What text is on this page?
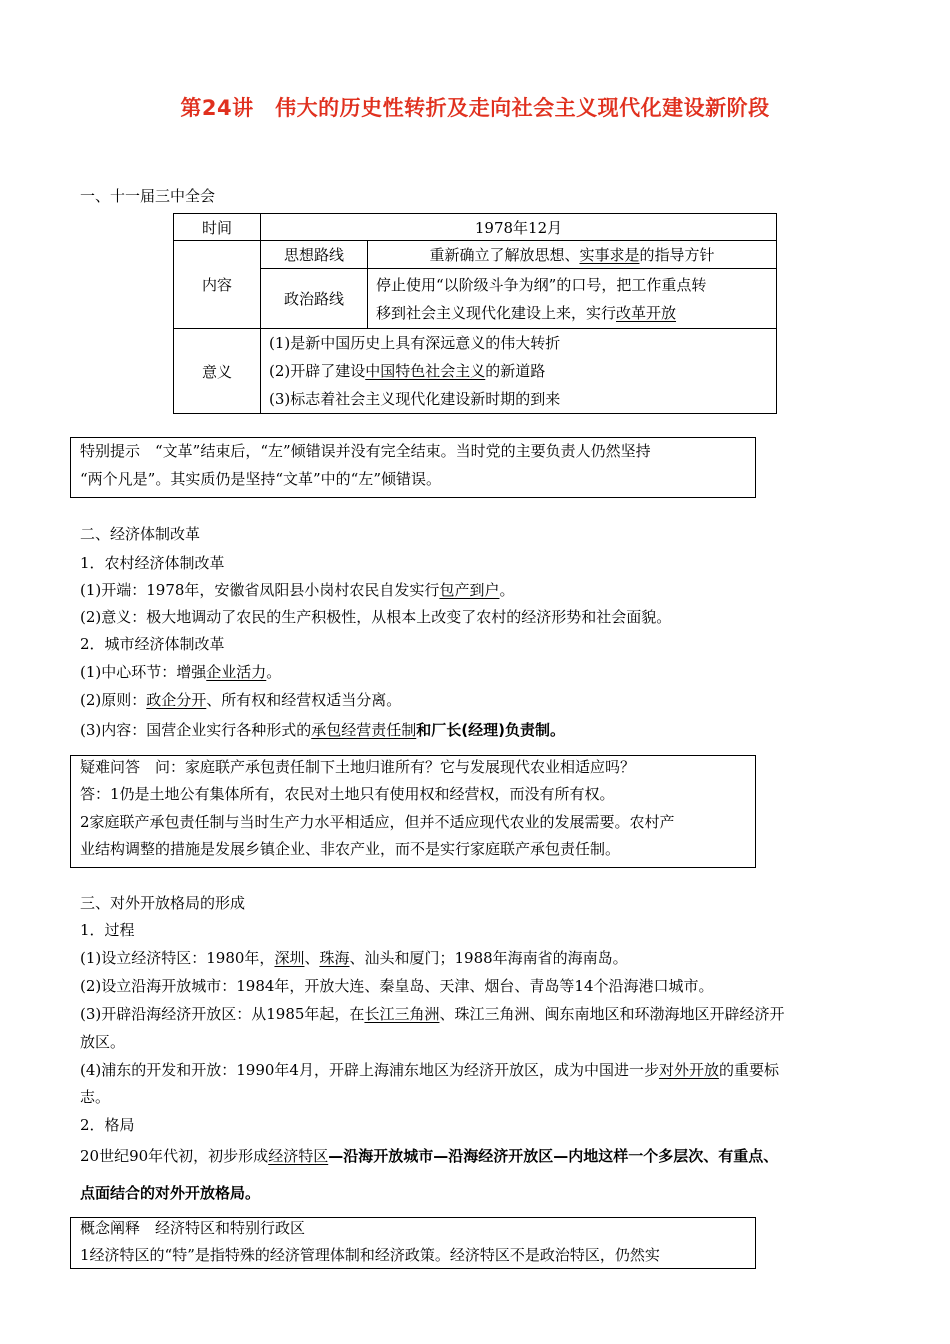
第24讲　伟大的历史性转折及走向社会主义现代化建设新阶段
一、十一届三中全会
时间	1978年12月	
内容	思想路线	重新确立了解放思想、实事求是的指导方针
	政治路线	停止使用“以阶级斗争为纲”的口号，把工作重点转
移到社会主义现代化建设上来，实行改革开放

意义	(1)是新中国历史上具有深远意义的伟大转折
(2)开辟了建设中国特色社会主义的新道路
(3)标志着社会主义现代化建设新时期的到来	
特别提示　“文革”结束后，“左”倾错误并没有完全结束。当时党的主要负责人仍然坚持
“两个凡是”。其实质仍是坚持“文革”中的“左”倾错误。
二、经济体制改革
1．农村经济体制改革
(1)开端：1978年，安徽省凤阳县小岗村农民自发实行包产到户。
(2)意义：极大地调动了农民的生产积极性，从根本上改变了农村的经济形势和社会面貌。
2．城市经济体制改革
(1)中心环节：增强企业活力。
(2)原则：政企分开、所有权和经营权适当分离。
(3)内容：国营企业实行各种形式的承包经营责任制和厂长(经理)负责制。
疑难问答　问：家庭联产承包责任制下土地归谁所有？它与发展现代农业相适应吗？
答：1仍是土地公有集体所有，农民对土地只有使用权和经营权，而没有所有权。
2家庭联产承包责任制与当时生产力水平相适应，但并不适应现代农业的发展需要。农村产
业结构调整的措施是发展乡镇企业、非农产业，而不是实行家庭联产承包责任制。
三、对外开放格局的形成
1．过程
(1)设立经济特区：1980年，深圳、珠海、汕头和厦门；1988年海南省的海南岛。
(2)设立沿海开放城市：1984年，开放大连、秦皇岛、天津、烟台、青岛等14个沿海港口城市。
(3)开辟沿海经济开放区：从1985年起，在长江三角洲、珠江三角洲、闽东南地区和环渤海地区开辟经济开
放区。
(4)浦东的开发和开放：1990年4月，开辟上海浦东地区为经济开放区，成为中国进一步对外开放的重要标
志。
2．格局
20世纪90年代初，初步形成经济特区—沿海开放城市—沿海经济开放区—内地这样一个多层次、有重点、
点面结合的对外开放格局。
概念阐释　经济特区和特别行政区
1经济特区的“特”是指特殊的经济管理体制和经济政策。经济特区不是政治特区，仍然实
